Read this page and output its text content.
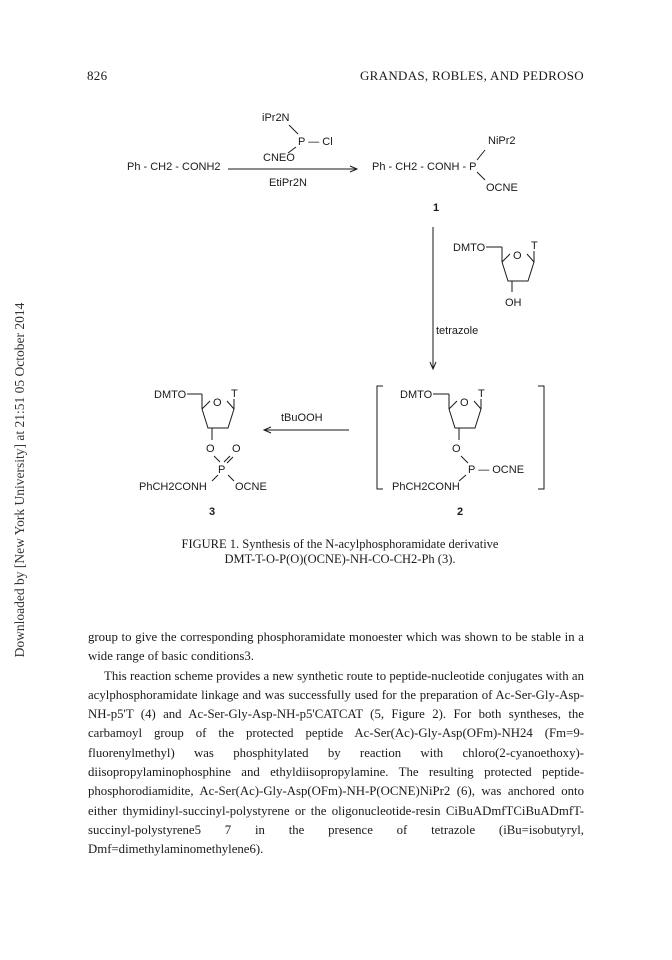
Downloaded by [New York University] at 21:51 05 October 2014
826	GRANDAS, ROBLES, AND PEDROSO
iPr2N
P — Cl
CNEO
Ph - CH2 - CONH2
EtiPr2N
NiPr2
Ph - CH2 - CONH - P
OCNE
1
DMTO
O
T
OH
tetrazole
DMTO
O
T
O
P — OCNE
PhCH2CONH
2
tBuOOH
DMTO
O
T
O O
P
PhCH2CONH	OCNE
3
FIGURE 1. Synthesis of the N-acylphosphoramidate derivative
DMT-T-O-P(O)(OCNE)-NH-CO-CH2-Ph (3).

group to give the corresponding phosphoramidate monoester which was shown to be stable in a wide range of basic conditions3.

This reaction scheme provides a new synthetic route to peptide-nucleotide conjugates with an acylphosphoramidate linkage and was successfully used for the preparation of Ac-Ser-Gly-Asp-NH-p5'T (4) and Ac-Ser-Gly-Asp-NH-p5'CATCAT (5, Figure 2). For both syntheses, the carbamoyl group of the protected peptide Ac-Ser(Ac)-Gly-Asp(OFm)-NH24 (Fm=9-fluorenylmethyl) was phosphitylated by reaction with chloro(2-cyanoethoxy)-diisopropylaminophosphine and ethyldiisopropylamine. The resulting protected peptide-phosphorodiamidite, Ac-Ser(Ac)-Gly-Asp(OFm)-NH-P(OCNE)NiPr2 (6), was anchored onto either thymidinyl-succinyl-polystyrene or the oligonucleotide-resin CiBuADmfTCiBuADmfT-succinyl-polystyrene5 7 in the presence of tetrazole (iBu=isobutyryl, Dmf=dimethylaminomethylene6).
